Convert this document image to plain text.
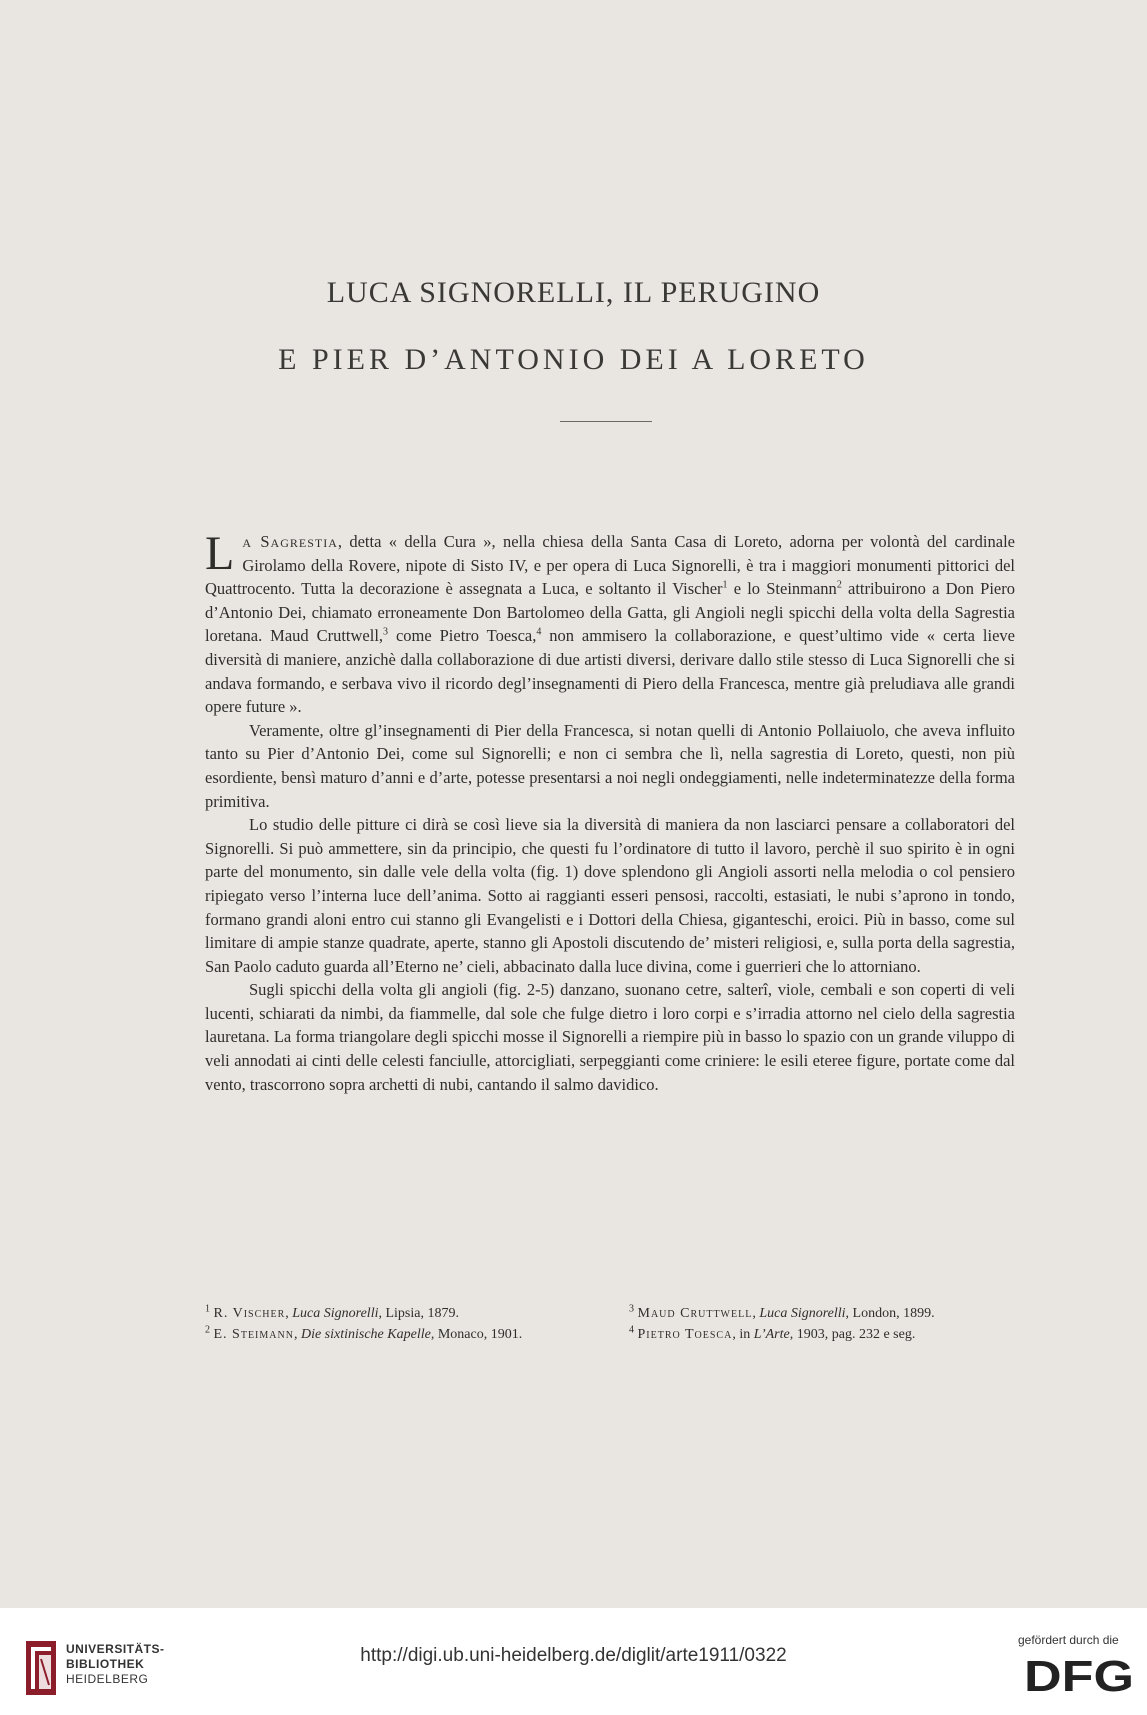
LUCA SIGNORELLI, IL PERUGINO
E PIER D’ANTONIO DEI A LORETO

La Sagrestia, detta « della Cura », nella chiesa della Santa Casa di Loreto, adorna per volontà del cardinale Girolamo della Rovere, nipote di Sisto IV, e per opera di Luca Signorelli, è tra i maggiori monumenti pittorici del Quattrocento. Tutta la decorazione è assegnata a Luca, e soltanto il Vischer$^1$ e lo Steinmann$^2$ attribuirono a Don Piero d’Antonio Dei, chiamato erroneamente Don Bartolomeo della Gatta, gli Angioli negli spicchi della volta della Sagrestia loretana. Maud Cruttwell,$^3$ come Pietro Toesca,$^4$ non ammisero la collaborazione, e quest’ultimo vide « certa lieve diversità di maniere, anzichè dalla collaborazione di due artisti diversi, derivare dallo stile stesso di Luca Signorelli che si andava formando, e serbava vivo il ricordo degl’insegnamenti di Piero della Francesca, mentre già preludiava alle grandi opere future ».

Veramente, oltre gl’insegnamenti di Pier della Francesca, si notan quelli di Antonio Pollaiuolo, che aveva influito tanto su Pier d’Antonio Dei, come sul Signorelli; e non ci sembra che lì, nella sagrestia di Loreto, questi, non più esordiente, bensì maturo d’anni e d’arte, potesse presentarsi a noi negli ondeggiamenti, nelle indeterminatezze della forma primitiva.

Lo studio delle pitture ci dirà se così lieve sia la diversità di maniera da non lasciarci pensare a collaboratori del Signorelli. Si può ammettere, sin da principio, che questi fu l’ordinatore di tutto il lavoro, perchè il suo spirito è in ogni parte del monumento, sin dalle vele della volta (fig. 1) dove splendono gli Angioli assorti nella melodia o col pensiero ripiegato verso l’interna luce dell’anima. Sotto ai raggianti esseri pensosi, raccolti, estasiati, le nubi s’aprono in tondo, formano grandi aloni entro cui stanno gli Evangelisti e i Dottori della Chiesa, giganteschi, eroici. Più in basso, come sul limitare di ampie stanze quadrate, aperte, stanno gli Apostoli discutendo de’ misteri religiosi, e, sulla porta della sagrestia, San Paolo caduto guarda all’Eterno ne’ cieli, abbacinato dalla luce divina, come i guerrieri che lo attorniano.

Sugli spicchi della volta gli angioli (fig. 2-5) danzano, suonano cetre, salterî, viole, cembali e son coperti di veli lucenti, schiarati da nimbi, da fiammelle, dal sole che fulge dietro i loro corpi e s’irradia attorno nel cielo della sagrestia lauretana. La forma triangolare degli spicchi mosse il Signorelli a riempire più in basso lo spazio con un grande viluppo di veli annodati ai cinti delle celesti fanciulle, attorcigliati, serpeggianti come criniere: le esili eteree figure, portate come dal vento, trascorrono sopra archetti di nubi, cantando il salmo davidico.

$^1$ R. Vischer, Luca Signorelli, Lipsia, 1879.
$^2$ E. Steimann, Die sixtinische Kapelle, Monaco, 1901.
$^3$ Maud Cruttwell, Luca Signorelli, London, 1899.
$^4$ Pietro Toesca, in L’Arte, 1903, pag. 232 e seg.
UNIVERSITÄTS-
BIBLIOTHEK
HEIDELBERG
http://digi.ub.uni-heidelberg.de/diglit/arte1911/0322
gefördert durch die
DFG
